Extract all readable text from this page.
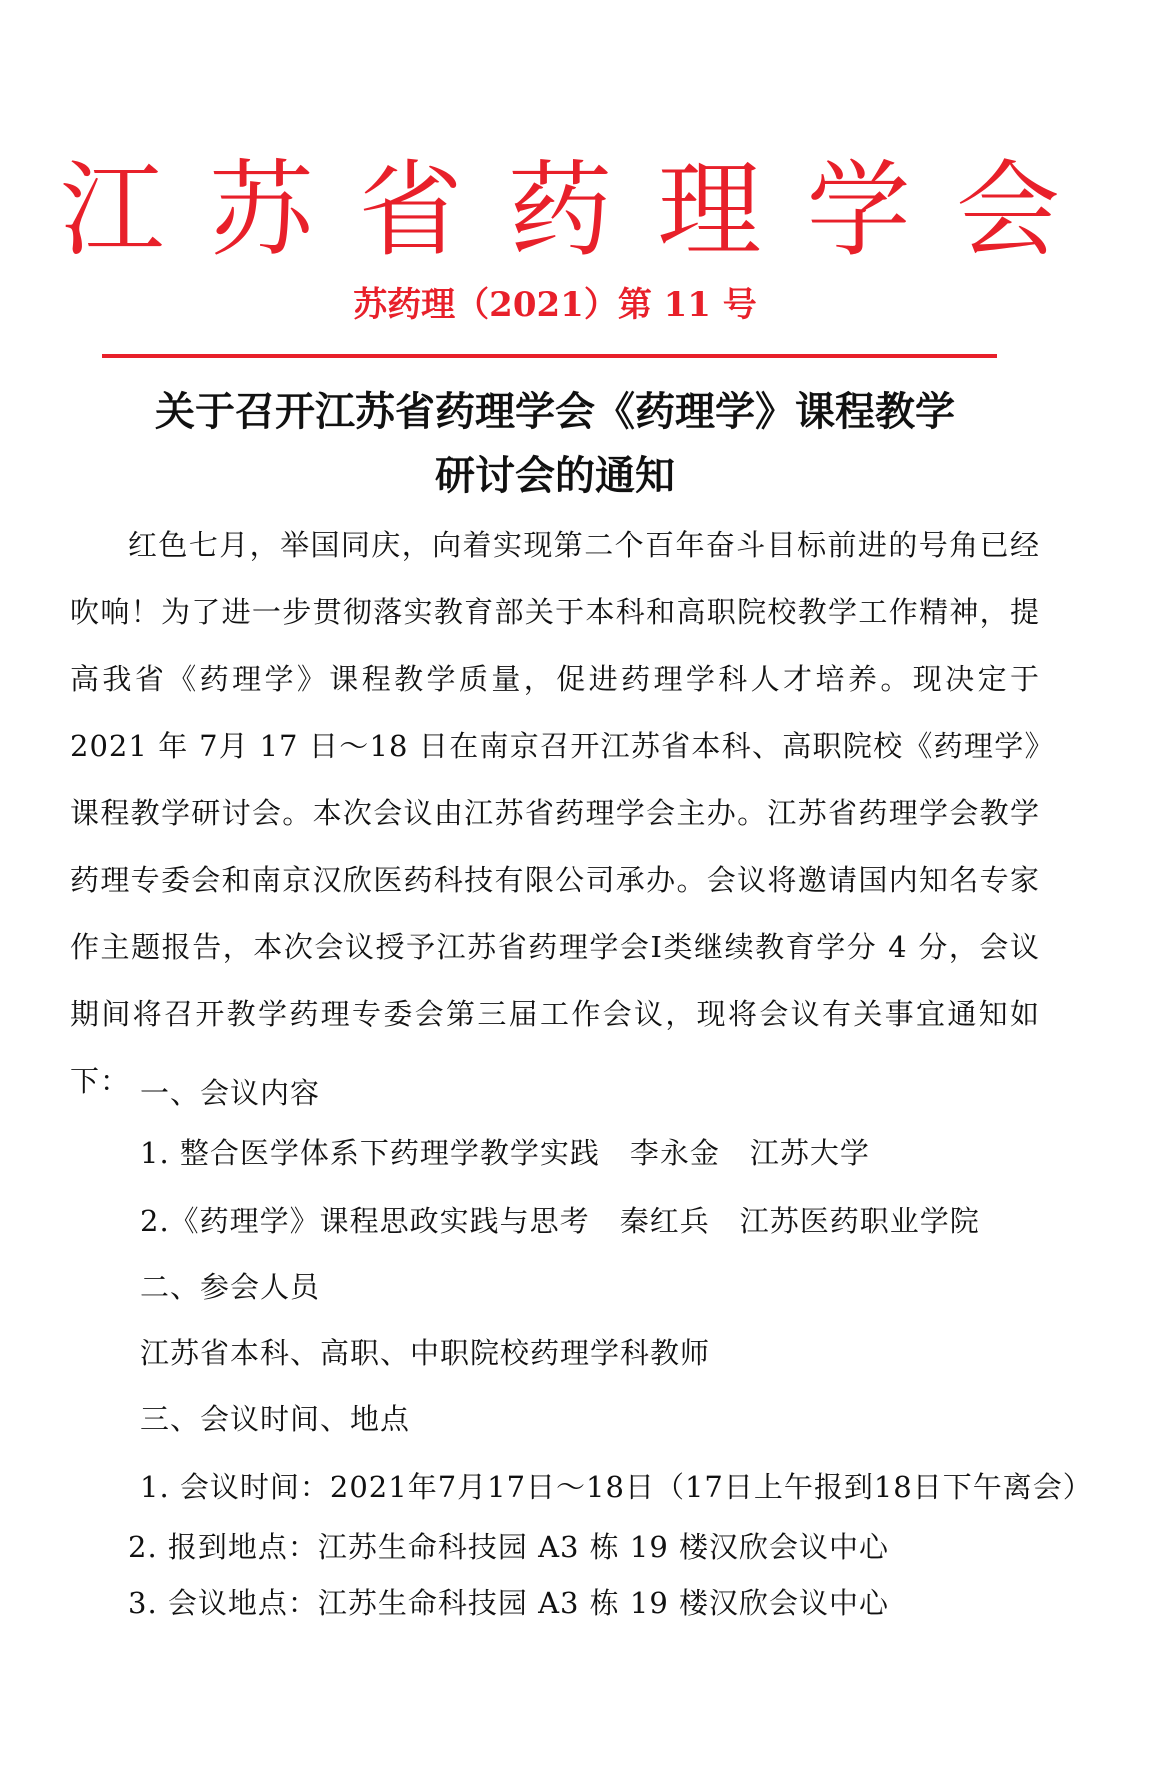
江 苏 省 药 理 学 会
苏药理（2021）第 11 号
关于召开江苏省药理学会《药理学》课程教学
研讨会的通知
红色七月，举国同庆，向着实现第二个百年奋斗目标前进的号角已经吹响！为了进一步贯彻落实教育部关于本科和高职院校教学工作精神，提高我省《药理学》课程教学质量，促进药理学科人才培养。现决定于 2021 年 7月 17 日～18 日在南京召开江苏省本科、高职院校《药理学》课程教学研讨会。本次会议由江苏省药理学会主办。江苏省药理学会教学药理专委会和南京汉欣医药科技有限公司承办。会议将邀请国内知名专家作主题报告，本次会议授予江苏省药理学会Ⅰ类继续教育学分 4 分，会议期间将召开教学药理专委会第三届工作会议，现将会议有关事宜通知如下： 一、会议内容
1. 整合医学体系下药理学教学实践 李永金 江苏大学
2.《药理学》课程思政实践与思考 秦红兵 江苏医药职业学院
二、参会人员
江苏省本科、高职、中职院校药理学科教师
三、会议时间、地点
1. 会议时间：2021年7月17日～18日（17日上午报到18日下午离会）
2. 报到地点：江苏生命科技园 A3 栋 19 楼汉欣会议中心
3. 会议地点：江苏生命科技园 A3 栋 19 楼汉欣会议中心
